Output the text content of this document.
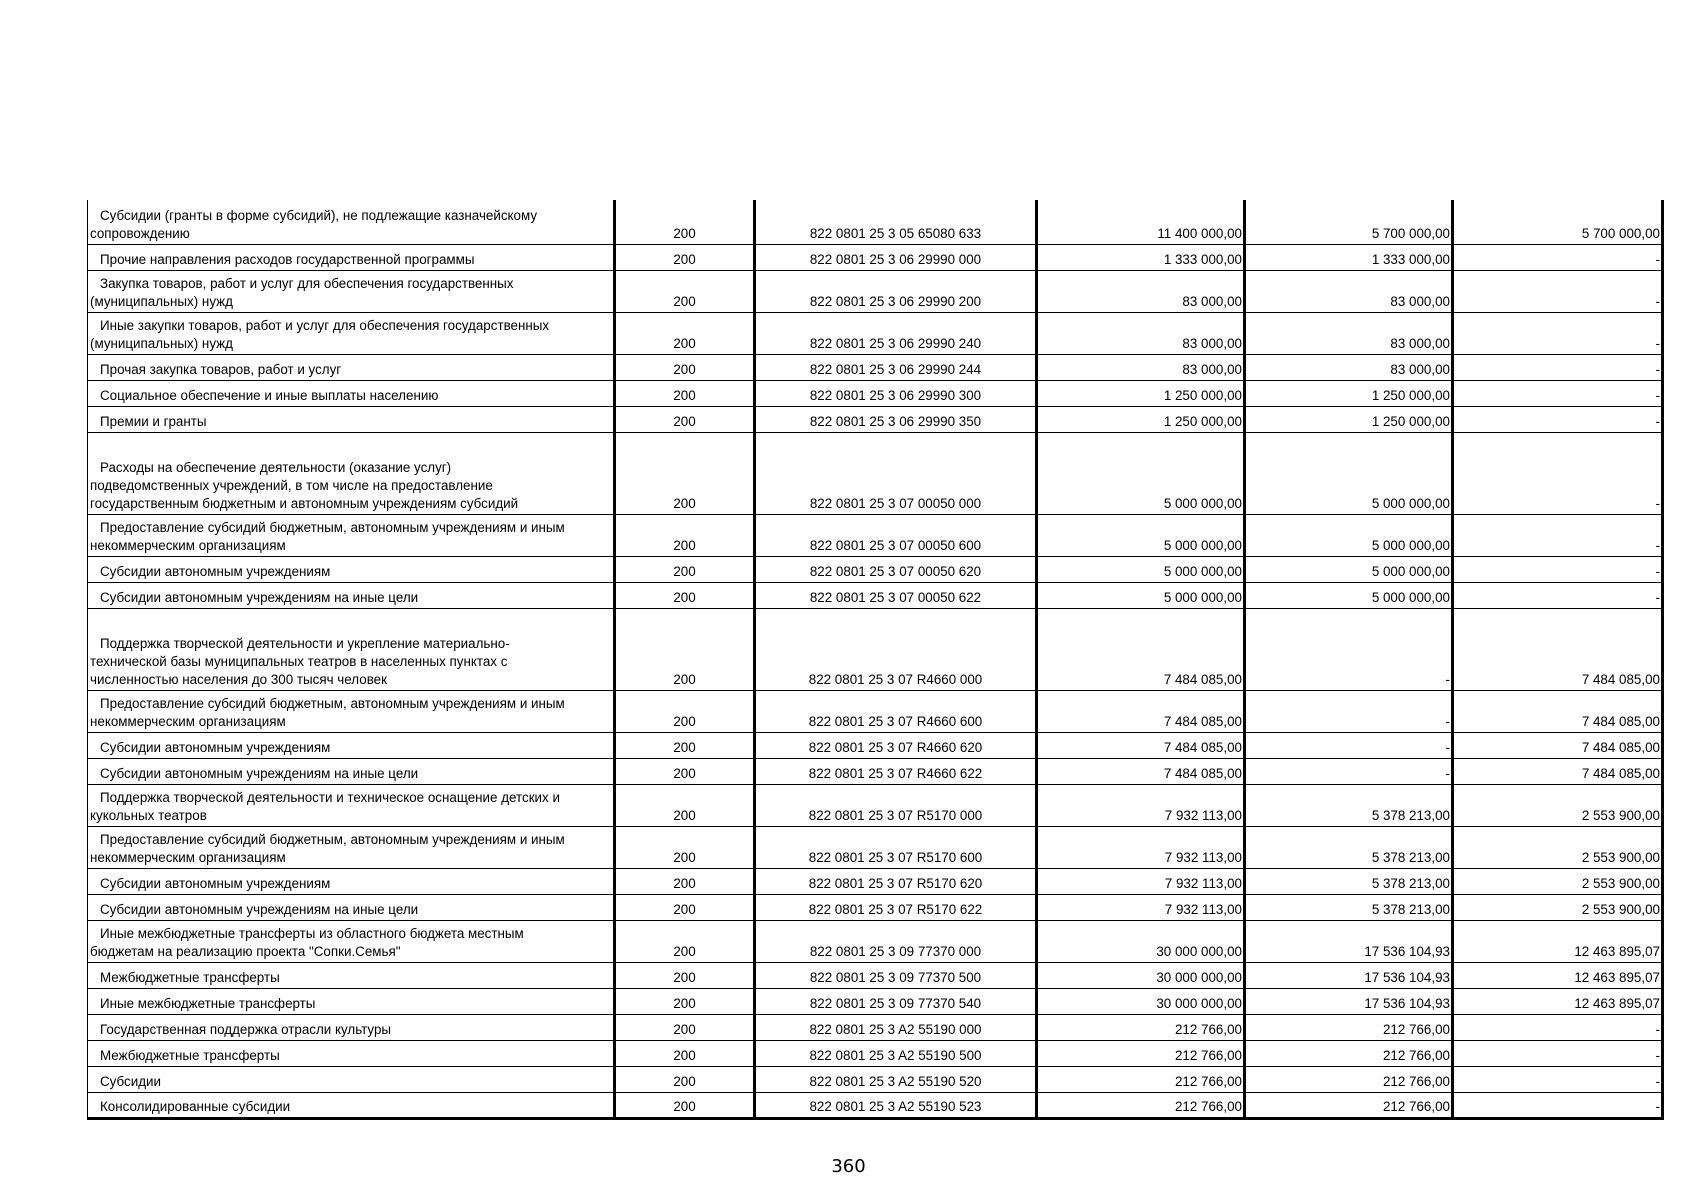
Субсидии (гранты в форме субсидий), не подлежащие казначейскому
сопровождению	200	822 0801 25 3 05 65080 633	11 400 000,00	5 700 000,00	5 700 000,00
Прочие направления расходов государственной программы	200	822 0801 25 3 06 29990 000	1 333 000,00	1 333 000,00	-
Закупка товаров, работ и услуг для обеспечения государственных
(муниципальных) нужд	200	822 0801 25 3 06 29990 200	83 000,00	83 000,00	-
Иные закупки товаров, работ и услуг для обеспечения государственных
(муниципальных) нужд	200	822 0801 25 3 06 29990 240	83 000,00	83 000,00	-
Прочая закупка товаров, работ и услуг	200	822 0801 25 3 06 29990 244	83 000,00	83 000,00	-
Социальное обеспечение и иные выплаты населению	200	822 0801 25 3 06 29990 300	1 250 000,00	1 250 000,00	-
Премии и гранты	200	822 0801 25 3 06 29990 350	1 250 000,00	1 250 000,00	-
Расходы на обеспечение деятельности (оказание услуг)
подведомственных учреждений, в том числе на предоставление
государственным бюджетным и автономным учреждениям субсидий	200	822 0801 25 3 07 00050 000	5 000 000,00	5 000 000,00	-
Предоставление субсидий бюджетным, автономным учреждениям и иным
некоммерческим организациям	200	822 0801 25 3 07 00050 600	5 000 000,00	5 000 000,00	-
Субсидии автономным учреждениям	200	822 0801 25 3 07 00050 620	5 000 000,00	5 000 000,00	-
Субсидии автономным учреждениям на иные цели	200	822 0801 25 3 07 00050 622	5 000 000,00	5 000 000,00	-
Поддержка творческой деятельности и укрепление материально-
технической базы муниципальных театров в населенных пунктах с
численностью населения до 300 тысяч человек	200	822 0801 25 3 07 R4660 000	7 484 085,00	-	7 484 085,00
Предоставление субсидий бюджетным, автономным учреждениям и иным
некоммерческим организациям	200	822 0801 25 3 07 R4660 600	7 484 085,00	-	7 484 085,00
Субсидии автономным учреждениям	200	822 0801 25 3 07 R4660 620	7 484 085,00	-	7 484 085,00
Субсидии автономным учреждениям на иные цели	200	822 0801 25 3 07 R4660 622	7 484 085,00	-	7 484 085,00
Поддержка творческой деятельности и техническое оснащение детских и
кукольных театров	200	822 0801 25 3 07 R5170 000	7 932 113,00	5 378 213,00	2 553 900,00
Предоставление субсидий бюджетным, автономным учреждениям и иным
некоммерческим организациям	200	822 0801 25 3 07 R5170 600	7 932 113,00	5 378 213,00	2 553 900,00
Субсидии автономным учреждениям	200	822 0801 25 3 07 R5170 620	7 932 113,00	5 378 213,00	2 553 900,00
Субсидии автономным учреждениям на иные цели	200	822 0801 25 3 07 R5170 622	7 932 113,00	5 378 213,00	2 553 900,00
Иные межбюджетные трансферты из областного бюджета местным
бюджетам на реализацию проекта "Сопки.Семья"	200	822 0801 25 3 09 77370 000	30 000 000,00	17 536 104,93	12 463 895,07
Межбюджетные трансферты	200	822 0801 25 3 09 77370 500	30 000 000,00	17 536 104,93	12 463 895,07
Иные межбюджетные трансферты	200	822 0801 25 3 09 77370 540	30 000 000,00	17 536 104,93	12 463 895,07
Государственная поддержка отрасли культуры	200	822 0801 25 3 A2 55190 000	212 766,00	212 766,00	-
Межбюджетные трансферты	200	822 0801 25 3 A2 55190 500	212 766,00	212 766,00	-
Субсидии	200	822 0801 25 3 A2 55190 520	212 766,00	212 766,00	-
Консолидированные субсидии	200	822 0801 25 3 A2 55190 523	212 766,00	212 766,00	-
360
